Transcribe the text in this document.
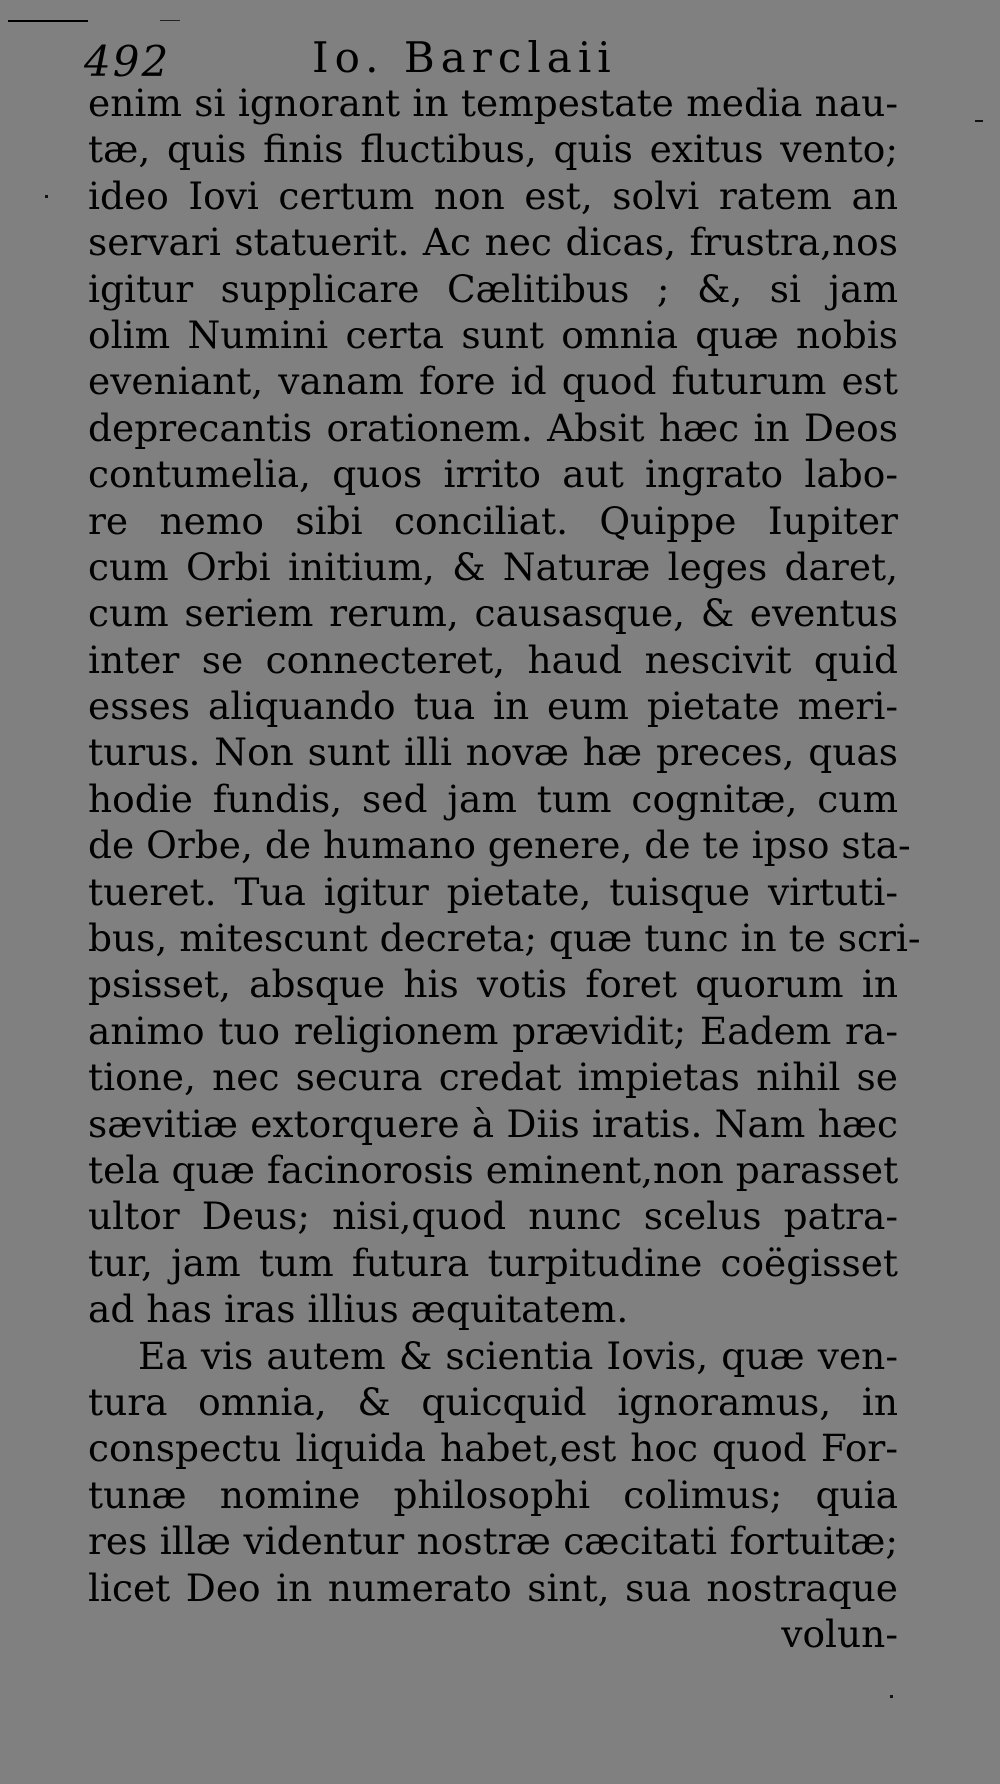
492	Io. Barclaii
enim si ignorant in tempestate media nau-
tæ, quis finis fluctibus, quis exitus vento;
ideo Iovi certum non est, solvi ratem an
servari statuerit. Ac nec dicas, frustra,nos
igitur supplicare Cælitibus ; &, si jam
olim Numini certa sunt omnia quæ nobis
eveniant, vanam fore id quod futurum est
deprecantis orationem. Absit hæc in Deos
contumelia, quos irrito aut ingrato labo-
re nemo sibi conciliat. Quippe Iupiter
cum Orbi initium, & Naturæ leges daret,
cum seriem rerum, causasque, & eventus
inter se connecteret, haud nescivit quid
esses aliquando tua in eum pietate meri-
turus. Non sunt illi novæ hæ preces, quas
hodie fundis, sed jam tum cognitæ, cum
de Orbe, de humano genere, de te ipso sta-
tueret. Tua igitur pietate, tuisque virtuti-
bus, mitescunt decreta; quæ tunc in te scri-
psisset, absque his votis foret quorum in
animo tuo religionem prævidit; Eadem ra-
tione, nec secura credat impietas nihil se
sævitiæ extorquere à Diis iratis. Nam hæc
tela quæ facinorosis eminent,non parasset
ultor Deus; nisi,quod nunc scelus patra-
tur, jam tum futura turpitudine coëgisset
ad has iras illius æquitatem.
Ea vis autem & scientia Iovis, quæ ven-
tura omnia, & quicquid ignoramus, in
conspectu liquida habet,est hoc quod For-
tunæ nomine philosophi colimus; quia
res illæ videntur nostræ cæcitati fortuitæ;
licet Deo in numerato sint, sua nostraque
volun-
